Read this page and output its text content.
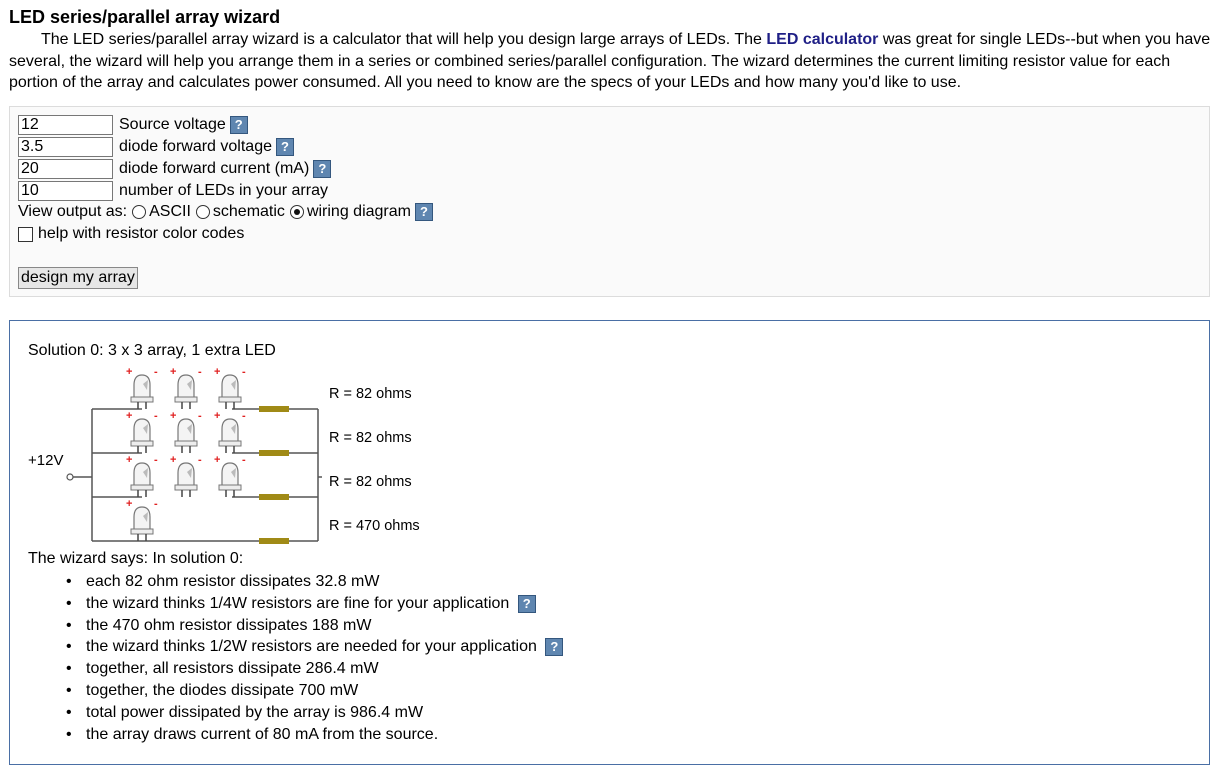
LED series/parallel array wizard
The LED series/parallel array wizard is a calculator that will help you design large arrays of LEDs. The LED calculator was great for single LEDs--but when you have several, the wizard will help you arrange them in a series or combined series/parallel configuration. The wizard determines the current limiting resistor value for each portion of the array and calculates power consumed. All you need to know are the specs of your LEDs and how many you'd like to use.
12
Source voltage ?
3.5
diode forward voltage ?
20
diode forward current (mA) ?
10
number of LEDs in your array
View output as: ASCII schematic wiring diagram ?
help with resistor color codes
design my array
Solution 0: 3 x 3 array, 1 extra LED
+ - + - + -
+ - + - + -
+ - + - + -
+ -
+12V
R = 82 ohms
R = 82 ohms
R = 82 ohms
R = 470 ohms
The wizard says: In solution 0:
• each 82 ohm resistor dissipates 32.8 mW
• the wizard thinks 1/4W resistors are fine for your application ?
• the 470 ohm resistor dissipates 188 mW
• the wizard thinks 1/2W resistors are needed for your application ?
• together, all resistors dissipate 286.4 mW
• together, the diodes dissipate 700 mW
• total power dissipated by the array is 986.4 mW
• the array draws current of 80 mA from the source.
